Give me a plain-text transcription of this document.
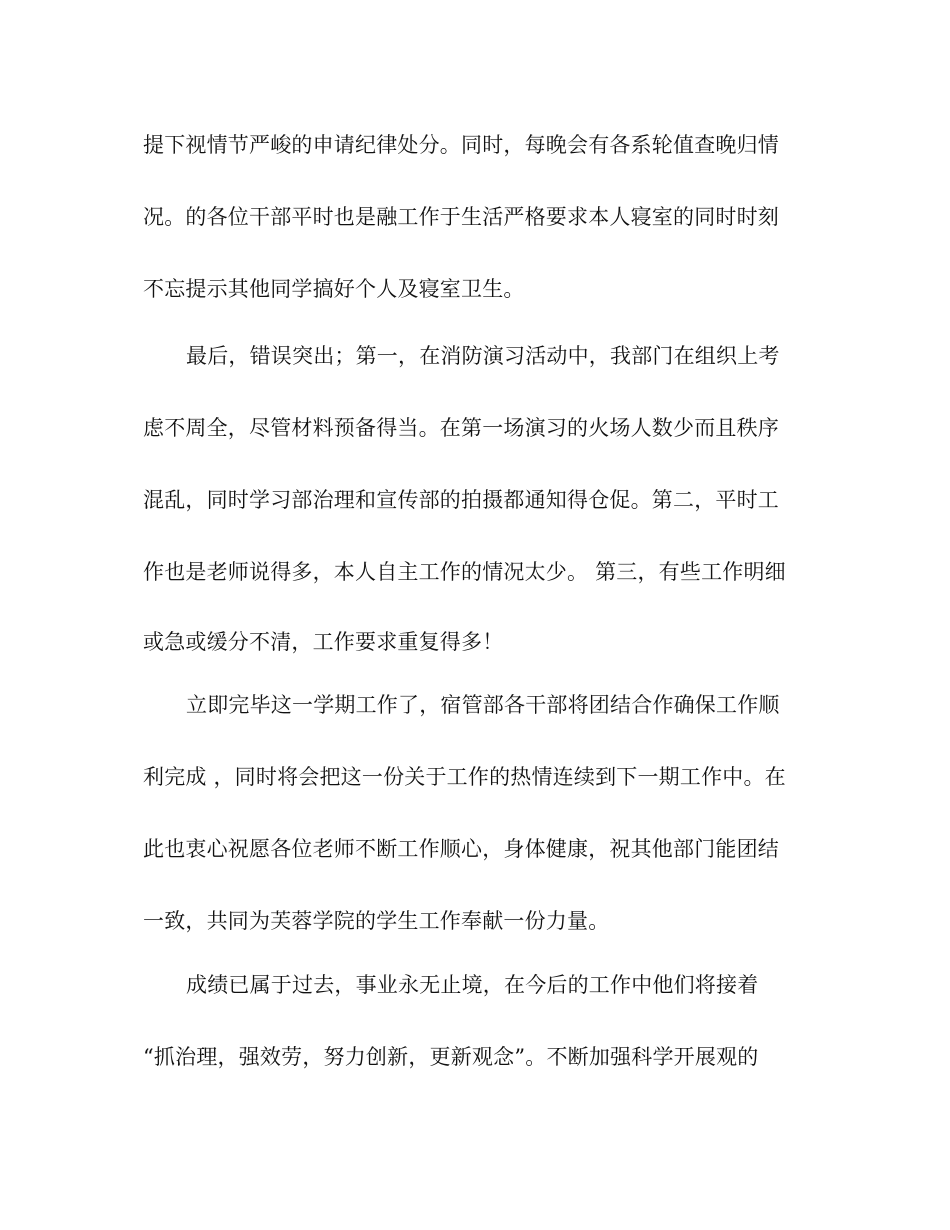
提下视情节严峻的申请纪律处分。同时，每晚会有各系轮值查晚归情
况。的各位干部平时也是融工作于生活严格要求本人寝室的同时时刻
不忘提示其他同学搞好个人及寝室卫生。
最后，错误突出；第一，在消防演习活动中，我部门在组织上考
虑不周全，尽管材料预备得当。在第一场演习的火场人数少而且秩序
混乱，同时学习部治理和宣传部的拍摄都通知得仓促。第二，平时工
作也是老师说得多，本人自主工作的情况太少。 第三，有些工作明细
或急或缓分不清，工作要求重复得多！
立即完毕这一学期工作了，宿管部各干部将团结合作确保工作顺
利完成 ，同时将会把这一份关于工作的热情连续到下一期工作中。在
此也衷心祝愿各位老师不断工作顺心，身体健康，祝其他部门能团结
一致，共同为芙蓉学院的学生工作奉献一份力量。
成绩已属于过去，事业永无止境，在今后的工作中他们将接着
“抓治理，强效劳，努力创新，更新观念”。不断加强科学开展观的
